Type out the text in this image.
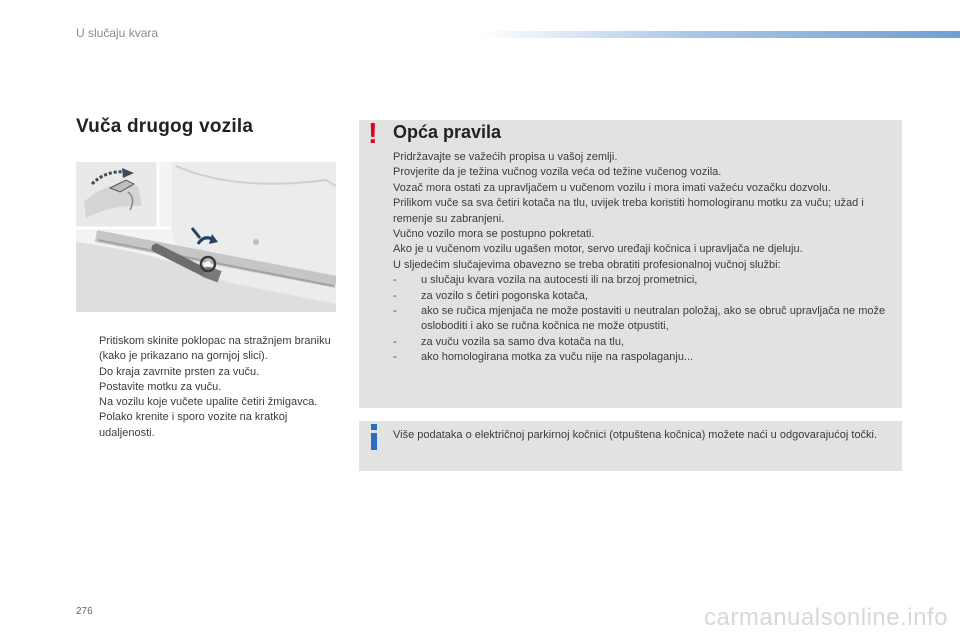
U slučaju kvara
Vuča drugog vozila
Pritiskom skinite poklopac na stražnjem braniku (kako je prikazano na gornjoj slici).
Do kraja zavrnite prsten za vuču.
Postavite motku za vuču.
Na vozilu koje vučete upalite četiri žmigavca.
Polako krenite i sporo vozite na kratkoj udaljenosti.
! Opća pravila

Pridržavajte se važećih propisa u vašoj zemlji.

Provjerite da je težina vučnog vozila veća od težine vučenog vozila.

Vozač mora ostati za upravljačem u vučenom vozilu i mora imati važeću vozačku dozvolu.

Prilikom vuče sa sva četiri kotača na tlu, uvijek treba koristiti homologiranu motku za vuču; užad i remenje su zabranjeni.

Vučno vozilo mora se postupno pokretati.

Ako je u vučenom vozilu ugašen motor, servo uređaji kočnica i upravljača ne djeluju.

U sljedećim slučajevima obavezno se treba obratiti profesionalnoj vučnoj službi:

- u slučaju kvara vozila na autocesti ili na brzoj prometnici,
- za vozilo s četiri pogonska kotača,
- ako se ručica mjenjača ne može postaviti u neutralan položaj, ako se obruč upravljača ne može osloboditi i ako se ručna kočnica ne može otpustiti,
- za vuču vozila sa samo dva kotača na tlu,
- ako homologirana motka za vuču nije na raspolaganju...
Više podataka o električnoj parkirnoj kočnici (otpuštena kočnica) možete naći u odgovarajućoj točki.
276	carmanualsonline.info
